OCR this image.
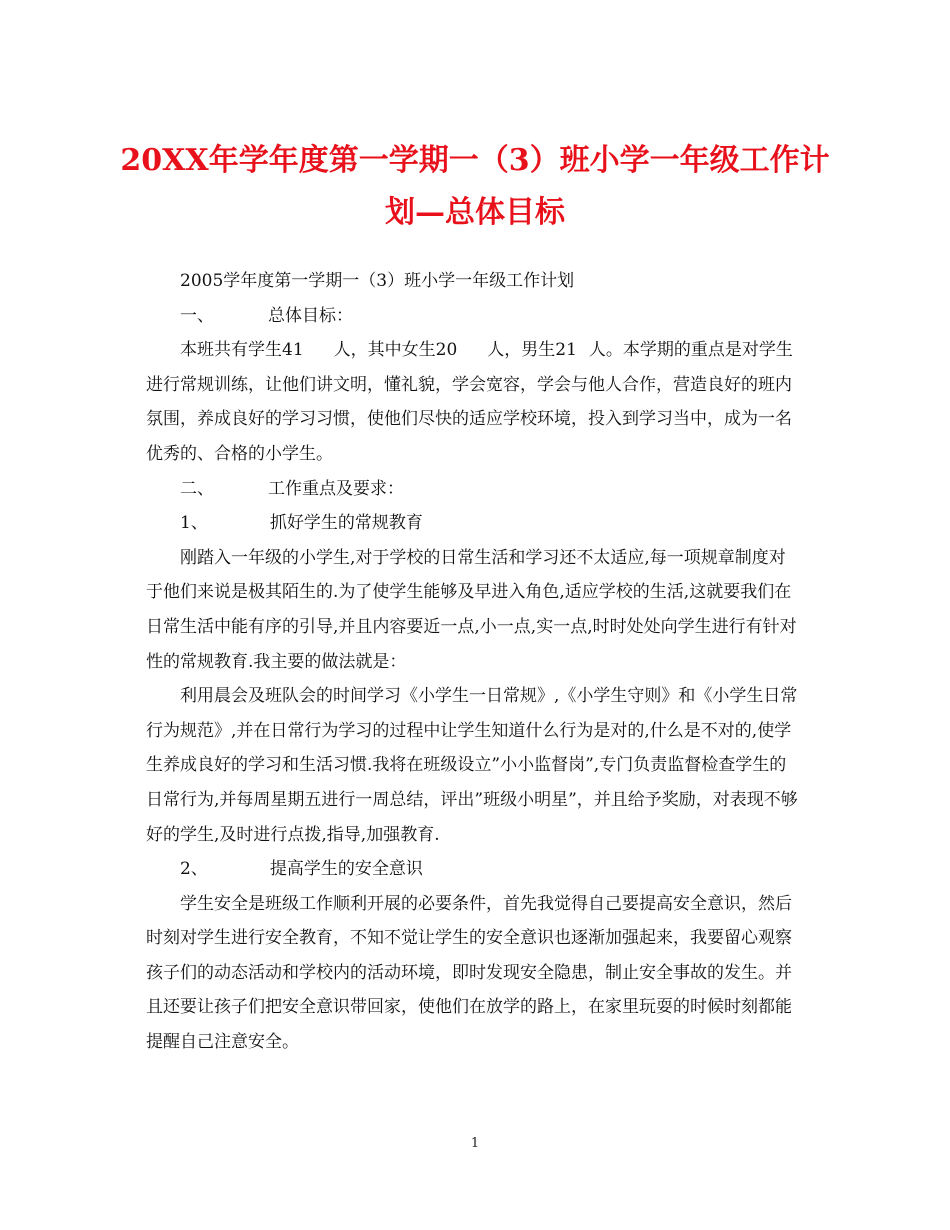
20XX年学年度第一学期一（3）班小学一年级工作计
划—总体目标

2005学年度第一学期一（3）班小学一年级工作计划

一、	总体目标：

本班共有学生41 人，其中女生20 人，男生21 人。本学期的重点是对学生进行常规训练，让他们讲文明，懂礼貌，学会宽容，学会与他人合作，营造良好的班内氛围，养成良好的学习习惯，使他们尽快的适应学校环境，投入到学习当中，成为一名优秀的、合格的小学生。

二、	工作重点及要求：

1、	抓好学生的常规教育

刚踏入一年级的小学生,对于学校的日常生活和学习还不太适应,每一项规章制度对于他们来说是极其陌生的.为了使学生能够及早进入角色,适应学校的生活,这就要我们在日常生活中能有序的引导,并且内容要近一点,小一点,实一点,时时处处向学生进行有针对性的常规教育.我主要的做法就是：

利用晨会及班队会的时间学习《小学生一日常规》,《小学生守则》和《小学生日常行为规范》,并在日常行为学习的过程中让学生知道什么行为是对的,什么是不对的,使学生养成良好的学习和生活习惯.我将在班级设立”小小监督岗”,专门负责监督检查学生的日常行为,并每周星期五进行一周总结，评出”班级小明星”，并且给予奖励，对表现不够好的学生,及时进行点拨,指导,加强教育.

2、	提高学生的安全意识

学生安全是班级工作顺利开展的必要条件，首先我觉得自己要提高安全意识，然后时刻对学生进行安全教育，不知不觉让学生的安全意识也逐渐加强起来，我要留心观察孩子们的动态活动和学校内的活动环境，即时发现安全隐患，制止安全事故的发生。并且还要让孩子们把安全意识带回家，使他们在放学的路上，在家里玩耍的时候时刻都能提醒自己注意安全。

1
